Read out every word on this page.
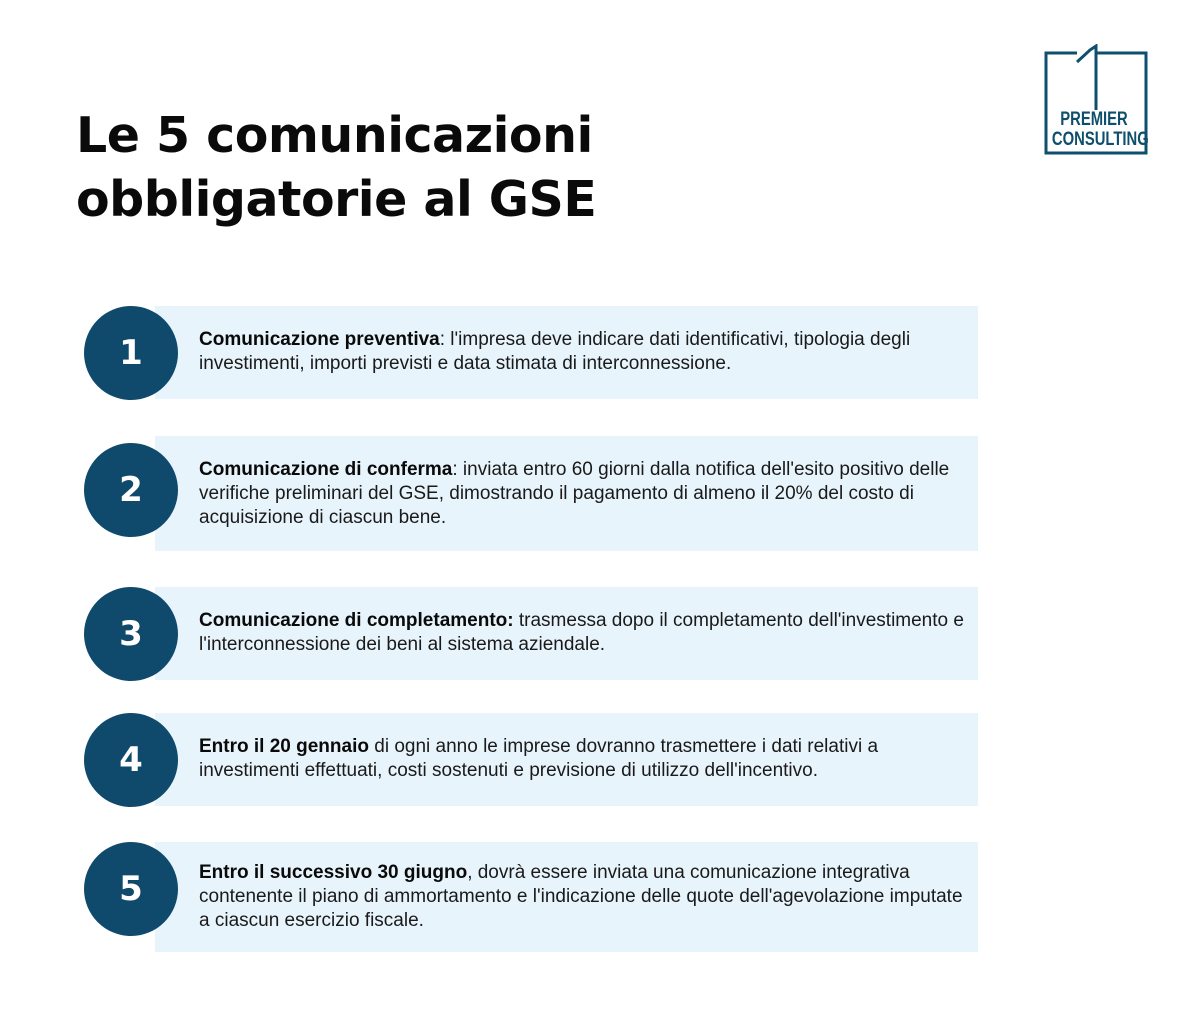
Le 5 comunicazioni
obbligatorie al GSE
PREMIER
CONSULTING
1	Comunicazione preventiva: l'impresa deve indicare dati identificativi, tipologia degli investimenti, importi previsti e data stimata di interconnessione.
2
Comunicazione di conferma: inviata entro 60 giorni dalla notifica dell'esito positivo delle verifiche preliminari del GSE, dimostrando il pagamento di almeno il 20% del costo di acquisizione di ciascun bene.
3	Comunicazione di completamento: trasmessa dopo il completamento dell'investimento e l'interconnessione dei beni al sistema aziendale.
4	Entro il 20 gennaio di ogni anno le imprese dovranno trasmettere i dati relativi a investimenti effettuati, costi sostenuti e previsione di utilizzo dell'incentivo.
5	Entro il successivo 30 giugno, dovrà essere inviata una comunicazione integrativa contenente il piano di ammortamento e l'indicazione delle quote dell'agevolazione imputate a ciascun esercizio fiscale.
